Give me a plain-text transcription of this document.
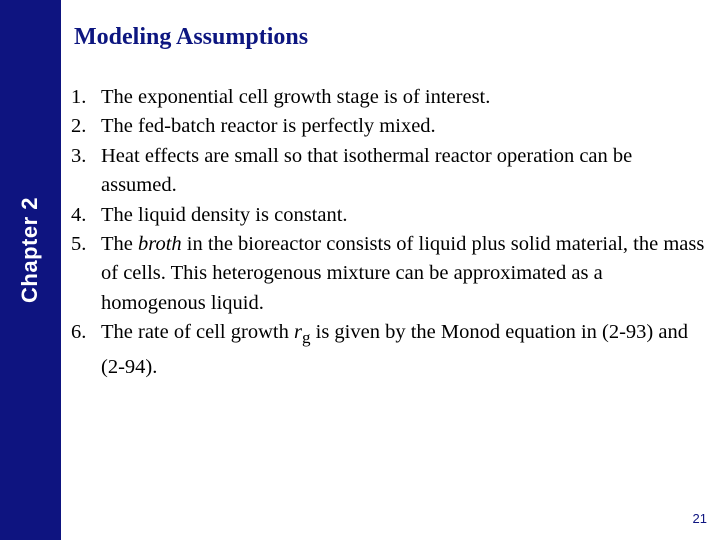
Chapter 2
Modeling Assumptions
1. The exponential cell growth stage is of interest.
2. The fed-batch reactor is perfectly mixed.
3. Heat effects are small so that isothermal reactor operation can be assumed.
4. The liquid density is constant.
5. The broth in the bioreactor consists of liquid plus solid material, the mass of cells. This heterogenous mixture can be approximated as a homogenous liquid.
6. The rate of cell growth $r_g$ is given by the Monod equation in (2-93) and (2-94).
21
